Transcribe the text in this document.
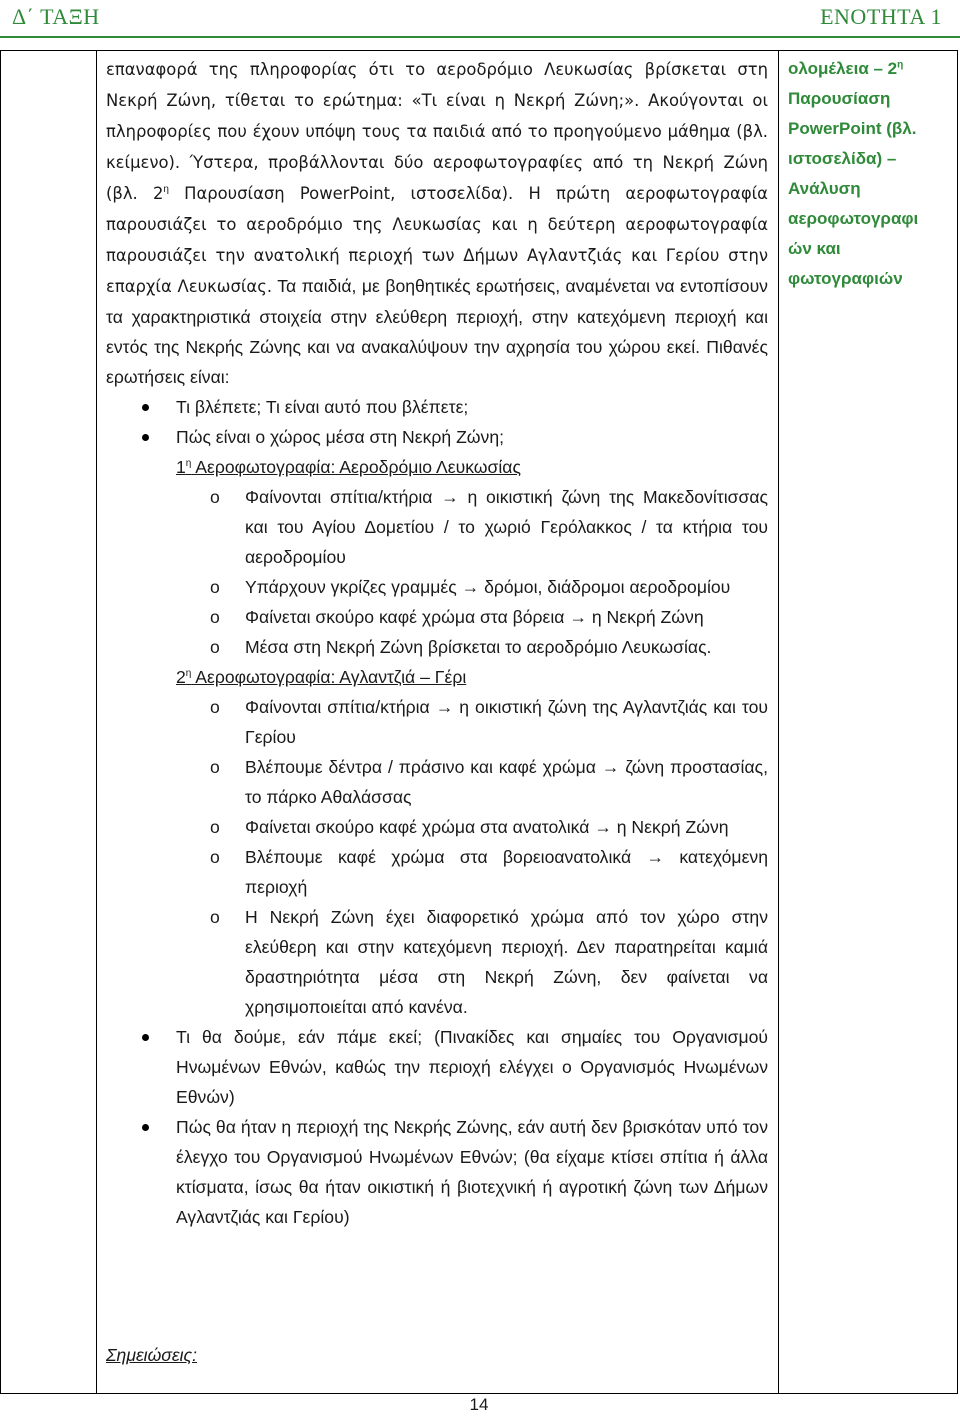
Δ΄ ΤΑΞΗ	ΕΝΟΤΗΤΑ 1

επαναφορά της πληροφορίας ότι το αεροδρόμιο Λευκωσίας βρίσκεται στη Νεκρή Ζώνη, τίθεται το ερώτημα: «Τι είναι η Νεκρή Ζώνη;». Ακούγονται οι πληροφορίες που έχουν υπόψη τους τα παιδιά από το προηγούμενο μάθημα (βλ. κείμενο). Ύστερα, προβάλλονται δύο αεροφωτογραφίες από τη Νεκρή Ζώνη (βλ. $2^\eta$ Παρουσίαση PowerPoint, ιστοσελίδα). Η πρώτη αεροφωτογραφία παρουσιάζει το αεροδρόμιο της Λευκωσίας και η δεύτερη αεροφωτογραφία παρουσιάζει την ανατολική περιοχή των Δήμων Αγλαντζιάς και Γερίου στην επαρχία Λευκωσίας. Τα παιδιά, με βοηθητικές ερωτήσεις, αναμένεται να εντοπίσουν τα χαρακτηριστικά στοιχεία στην ελεύθερη περιοχή, στην κατεχόμενη περιοχή και εντός της Νεκρής Ζώνης και να ανακαλύψουν την αχρησία του χώρου εκεί. Πιθανές ερωτήσεις είναι:

Τι βλέπετε; Τι είναι αυτό που βλέπετε;
Πώς είναι ο χώρος μέσα στη Νεκρή Ζώνη;
$1^\eta$ Αεροφωτογραφία: Αεροδρόμιο Λευκωσίας
o Φαίνονται σπίτια/κτήρια → η οικιστική ζώνη της Μακεδονίτισσας και του Αγίου Δομετίου / το χωριό Γερόλακκος / τα κτήρια του αεροδρομίου
o Υπάρχουν γκρίζες γραμμές → δρόμοι, διάδρομοι αεροδρομίου
o Φαίνεται σκούρο καφέ χρώμα στα βόρεια → η Νεκρή Ζώνη
o Μέσα στη Νεκρή Ζώνη βρίσκεται το αεροδρόμιο Λευκωσίας.
$2^\eta$ Αεροφωτογραφία: Αγλαντζιά – Γέρι
o Φαίνονται σπίτια/κτήρια → η οικιστική ζώνη της Αγλαντζιάς και του Γερίου
o Βλέπουμε δέντρα / πράσινο και καφέ χρώμα → ζώνη προστασίας, το πάρκο Αθαλάσσας
o Φαίνεται σκούρο καφέ χρώμα στα ανατολικά → η Νεκρή Ζώνη
o Βλέπουμε καφέ χρώμα στα βορειοανατολικά → κατεχόμενη περιοχή
o Η Νεκρή Ζώνη έχει διαφορετικό χρώμα από τον χώρο στην ελεύθερη και στην κατεχόμενη περιοχή. Δεν παρατηρείται καμιά δραστηριότητα μέσα στη Νεκρή Ζώνη, δεν φαίνεται να χρησιμοποιείται από κανένα.
Τι θα δούμε, εάν πάμε εκεί; (Πινακίδες και σημαίες του Οργανισμού Ηνωμένων Εθνών, καθώς την περιοχή ελέγχει ο Οργανισμός Ηνωμένων Εθνών)
Πώς θα ήταν η περιοχή της Νεκρής Ζώνης, εάν αυτή δεν βρισκόταν υπό τον έλεγχο του Οργανισμού Ηνωμένων Εθνών; (θα είχαμε κτίσει σπίτια ή άλλα κτίσματα, ίσως θα ήταν οικιστική ή βιοτεχνική ή αγροτική ζώνη των Δήμων Αγλαντζιάς και Γερίου)
Σημειώσεις:
ολομέλεια – $2^\eta$
Παρουσίαση
PowerPoint (βλ.
ιστοσελίδα) –
Ανάλυση
αεροφωτογραφι
ών και
φωτογραφιών
14
